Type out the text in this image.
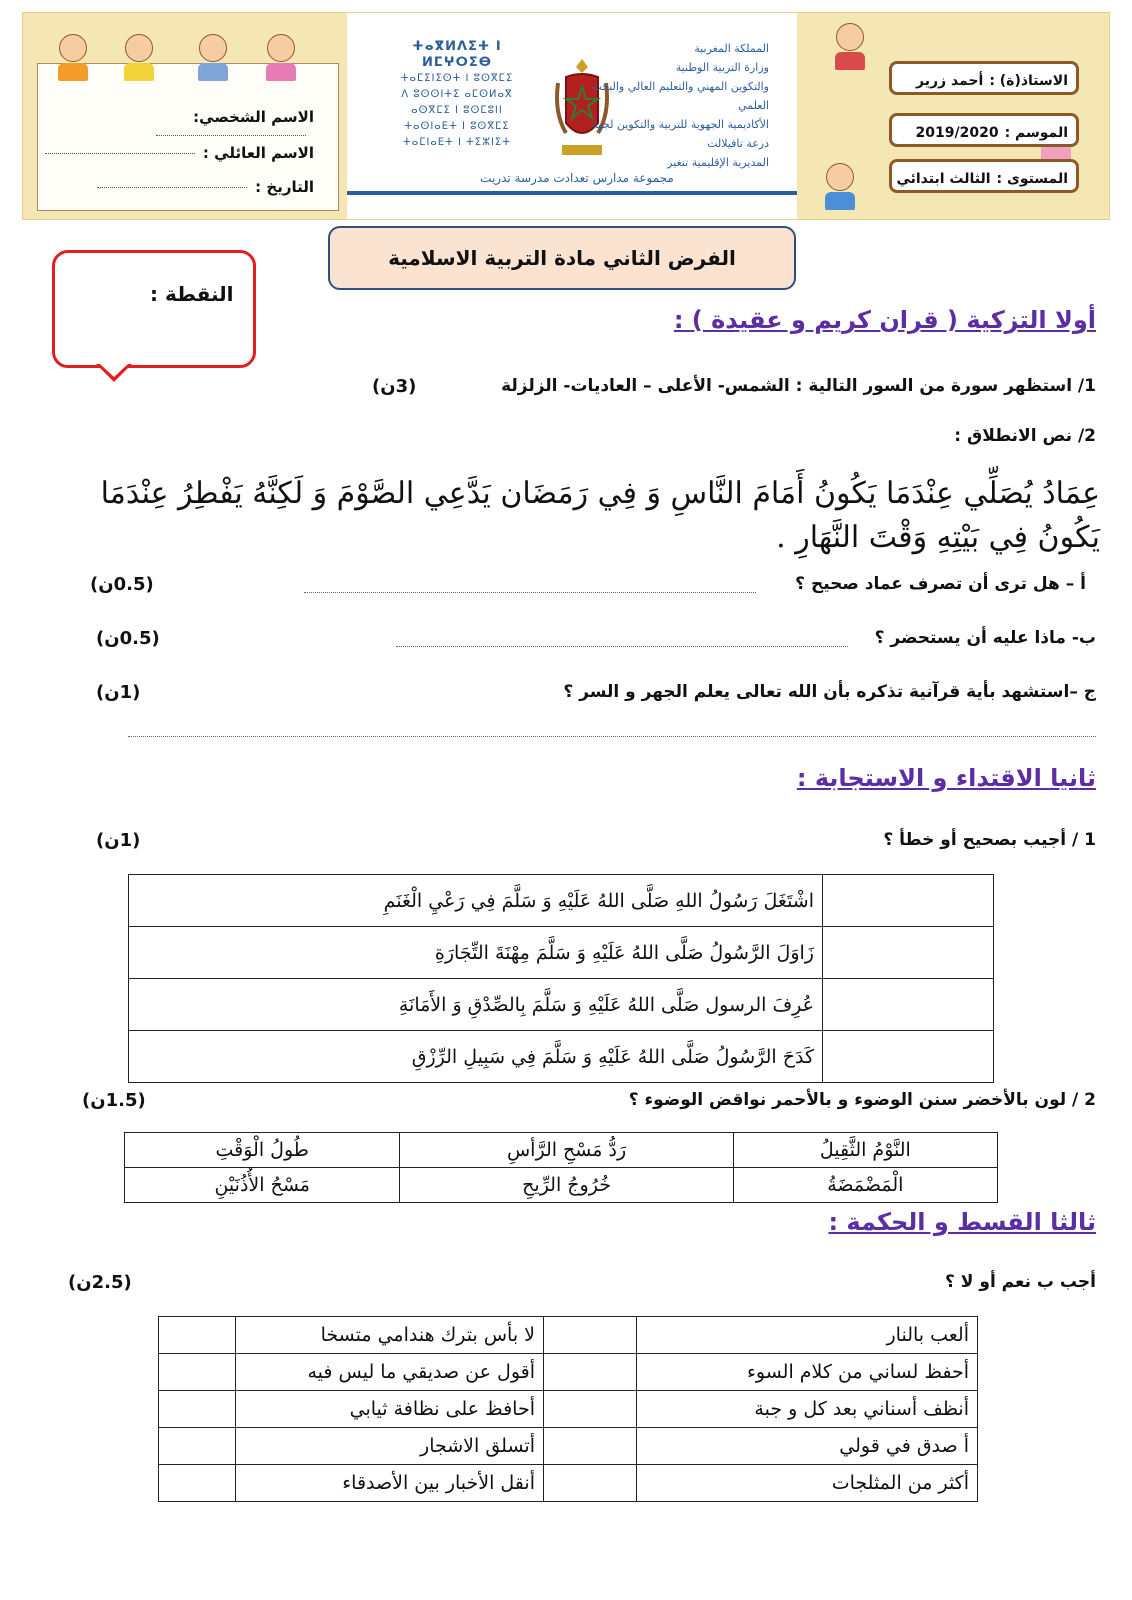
الاسم الشخصي:
الاسم العائلي :
التاريخ :
ⵜⴰⴳⵍⴷⵉⵜ ⵏ ⵍⵎⵖⵔⵉⴱ
ⵜⴰⵎⵉⵏⵉⵙⵜ ⵏ ⵓⵙⴳⵎⵉ
ⴷ ⵓⵙⵙⵏⵜⵉ ⴰⵎⵙⵍⴰⴳ
ⴰⵙⴳⵎⵉ ⵏ ⵓⵙⵎⵓⵏⵏ
ⵜⴰⵙⵏⴰⴹⵜ ⵏ ⵓⵙⴳⵎⵉ
ⵜⴰⵎⵏⴰⴹⵜ ⵏ ⵜⵉⵣⵏⵉⵜ
المملكة المغربية
وزارة التربية الوطنية
والتكوين المهني والتعليم العالي والبحث العلمي
الأكاديمية الجهوية للتربية والتكوين لجهة درعة تافيلالت
المديرية الإقليمية تنغير
مجموعة مدارس تعدادت مدرسة تدريت
الاستاذ(ة) :أحمد زرير
الموسم :2019/2020
المستوى :الثالث ابتدائي
الفرض الثاني مادة التربية الاسلامية
النقطة :
أولا التزكية ( قران كريم و عقيدة ) :
1/ استظهر سورة من السور التالية : الشمس- الأعلى – العاديات- الزلزلة
(3ن)
2/ نص الانطلاق :
عِمَادُ يُصَلِّي عِنْدَمَا يَكُونُ أَمَامَ النَّاسِ وَ فِي رَمَضَان يَدَّعِي الصَّوْمَ وَ لَكِنَّهُ يَفْطِرُ عِنْدَمَا يَكُونُ فِي بَيْتِهِ وَقْتَ النَّهَارِ .
أ – هل ترى أن تصرف عماد صحيح ؟
(0.5ن)
ب- ماذا عليه أن يستحضر ؟
(0.5ن)
ج –استشهد بأية قرآنية تذكره بأن الله تعالى يعلم الجهر و السر ؟
(1ن)
ثانيا الاقتداء و الاستجابة :
1 / أجيب بصحيح أو خطأ ؟
(1ن)
اشْتَغَلَ رَسُولُ اللهِ صَلَّى اللهُ عَلَيْهِ وَ سَلَّمَ فِي رَعْيِ الْغَنَمِ	
زَاوَلَ الرَّسُولُ صَلَّى اللهُ عَلَيْهِ وَ سَلَّمَ مِهْنَةَ التِّجَارَةِ	
عُرِفَ الرسول صَلَّى اللهُ عَلَيْهِ وَ سَلَّمَ بِالصِّدْقِ وَ الأَمَانَةِ	
كَدَحَ الرَّسُولُ صَلَّى اللهُ عَلَيْهِ وَ سَلَّمَ فِي سَبِيلِ الرِّزْقِ	
2 / لون بالأخضر سنن الوضوء و بالأحمر نواقض الوضوء ؟
(1.5ن)
النَّوْمُ الثَّقِيلُ	رَدُّ مَسْحِ الرَّأسِ	طُولُ الْوَقْتِ
الْمَضْمَضَةُ	خُرُوجُ الرِّيحِ	مَسْحُ الأُذُنَيْنِ
ثالثا القسط و الحكمة :
أجب ب نعم أو لا ؟
(2.5ن)
ألعب بالنار		لا بأس بترك هندامي متسخا	
أحفظ لساني من كلام السوء		أقول عن صديقي ما ليس فيه	
أنظف أسناني بعد كل و جبة		أحافظ على نظافة ثيابي	
أ صدق في قولي		أتسلق الاشجار	
أكثر من المثلجات		أنقل الأخبار بين الأصدقاء	
